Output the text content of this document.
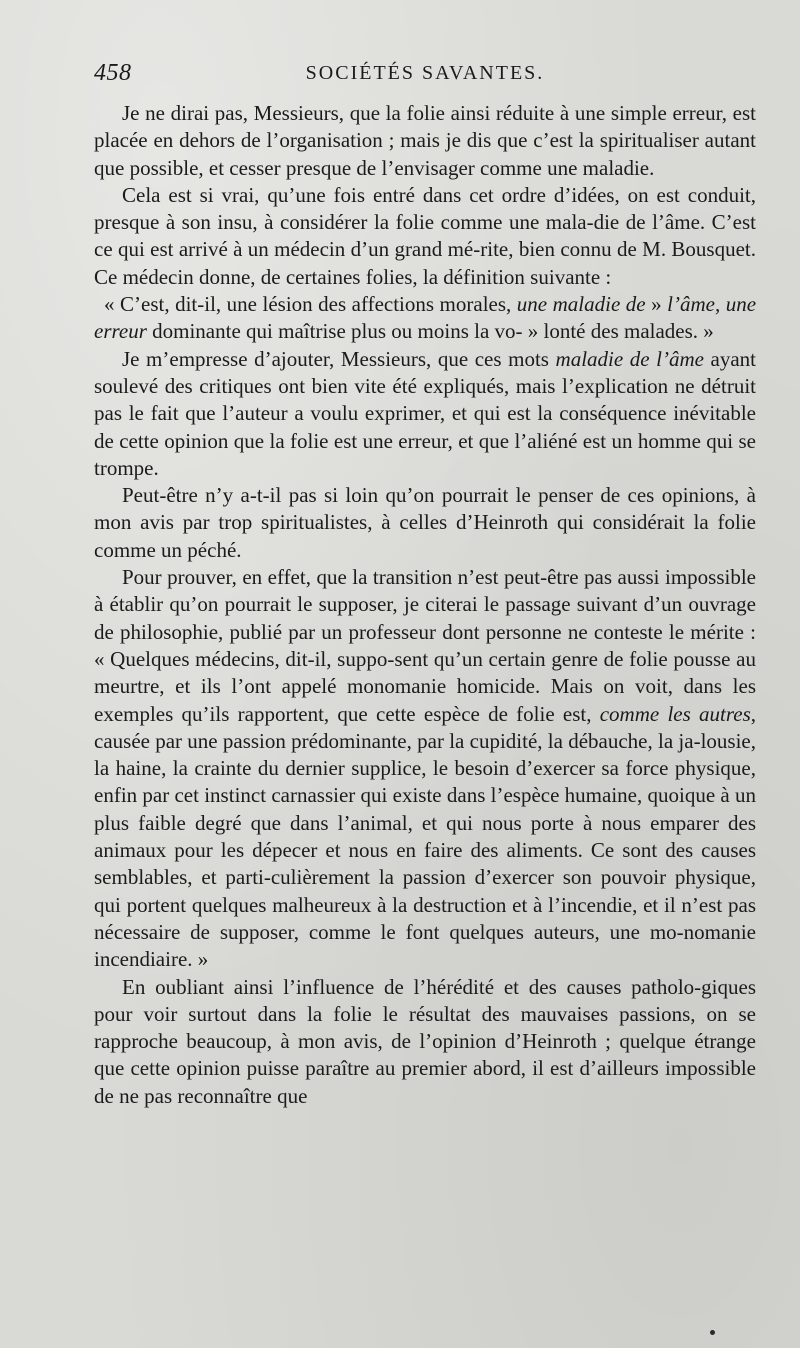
458	SOCIÉTÉS SAVANTES.

Je ne dirai pas, Messieurs, que la folie ainsi réduite à une simple erreur, est placée en dehors de l’organisation ; mais je dis que c’est la spiritualiser autant que possible, et cesser presque de l’envisager comme une maladie.

Cela est si vrai, qu’une fois entré dans cet ordre d’idées, on est conduit, presque à son insu, à considérer la folie comme une mala-die de l’âme. C’est ce qui est arrivé à un médecin d’un grand mé-rite, bien connu de M. Bousquet. Ce médecin donne, de certaines folies, la définition suivante :

« C’est, dit-il, une lésion des affections morales, une maladie de » l’âme, une erreur dominante qui maîtrise plus ou moins la vo- » lonté des malades. »

Je m’empresse d’ajouter, Messieurs, que ces mots maladie de l’âme ayant soulevé des critiques ont bien vite été expliqués, mais l’explication ne détruit pas le fait que l’auteur a voulu exprimer, et qui est la conséquence inévitable de cette opinion que la folie est une erreur, et que l’aliéné est un homme qui se trompe.

Peut-être n’y a-t-il pas si loin qu’on pourrait le penser de ces opinions, à mon avis par trop spiritualistes, à celles d’Heinroth qui considérait la folie comme un péché.

Pour prouver, en effet, que la transition n’est peut-être pas aussi impossible à établir qu’on pourrait le supposer, je citerai le passage suivant d’un ouvrage de philosophie, publié par un professeur dont personne ne conteste le mérite : « Quelques médecins, dit-il, suppo-sent qu’un certain genre de folie pousse au meurtre, et ils l’ont appelé monomanie homicide. Mais on voit, dans les exemples qu’ils rapportent, que cette espèce de folie est, comme les autres, causée par une passion prédominante, par la cupidité, la débauche, la ja-lousie, la haine, la crainte du dernier supplice, le besoin d’exercer sa force physique, enfin par cet instinct carnassier qui existe dans l’espèce humaine, quoique à un plus faible degré que dans l’animal, et qui nous porte à nous emparer des animaux pour les dépecer et nous en faire des aliments. Ce sont des causes semblables, et parti-culièrement la passion d’exercer son pouvoir physique, qui portent quelques malheureux à la destruction et à l’incendie, et il n’est pas nécessaire de supposer, comme le font quelques auteurs, une mo-nomanie incendiaire. »

En oubliant ainsi l’influence de l’hérédité et des causes patholo-giques pour voir surtout dans la folie le résultat des mauvaises passions, on se rapproche beaucoup, à mon avis, de l’opinion d’Heinroth ; quelque étrange que cette opinion puisse paraître au premier abord, il est d’ailleurs impossible de ne pas reconnaître que
